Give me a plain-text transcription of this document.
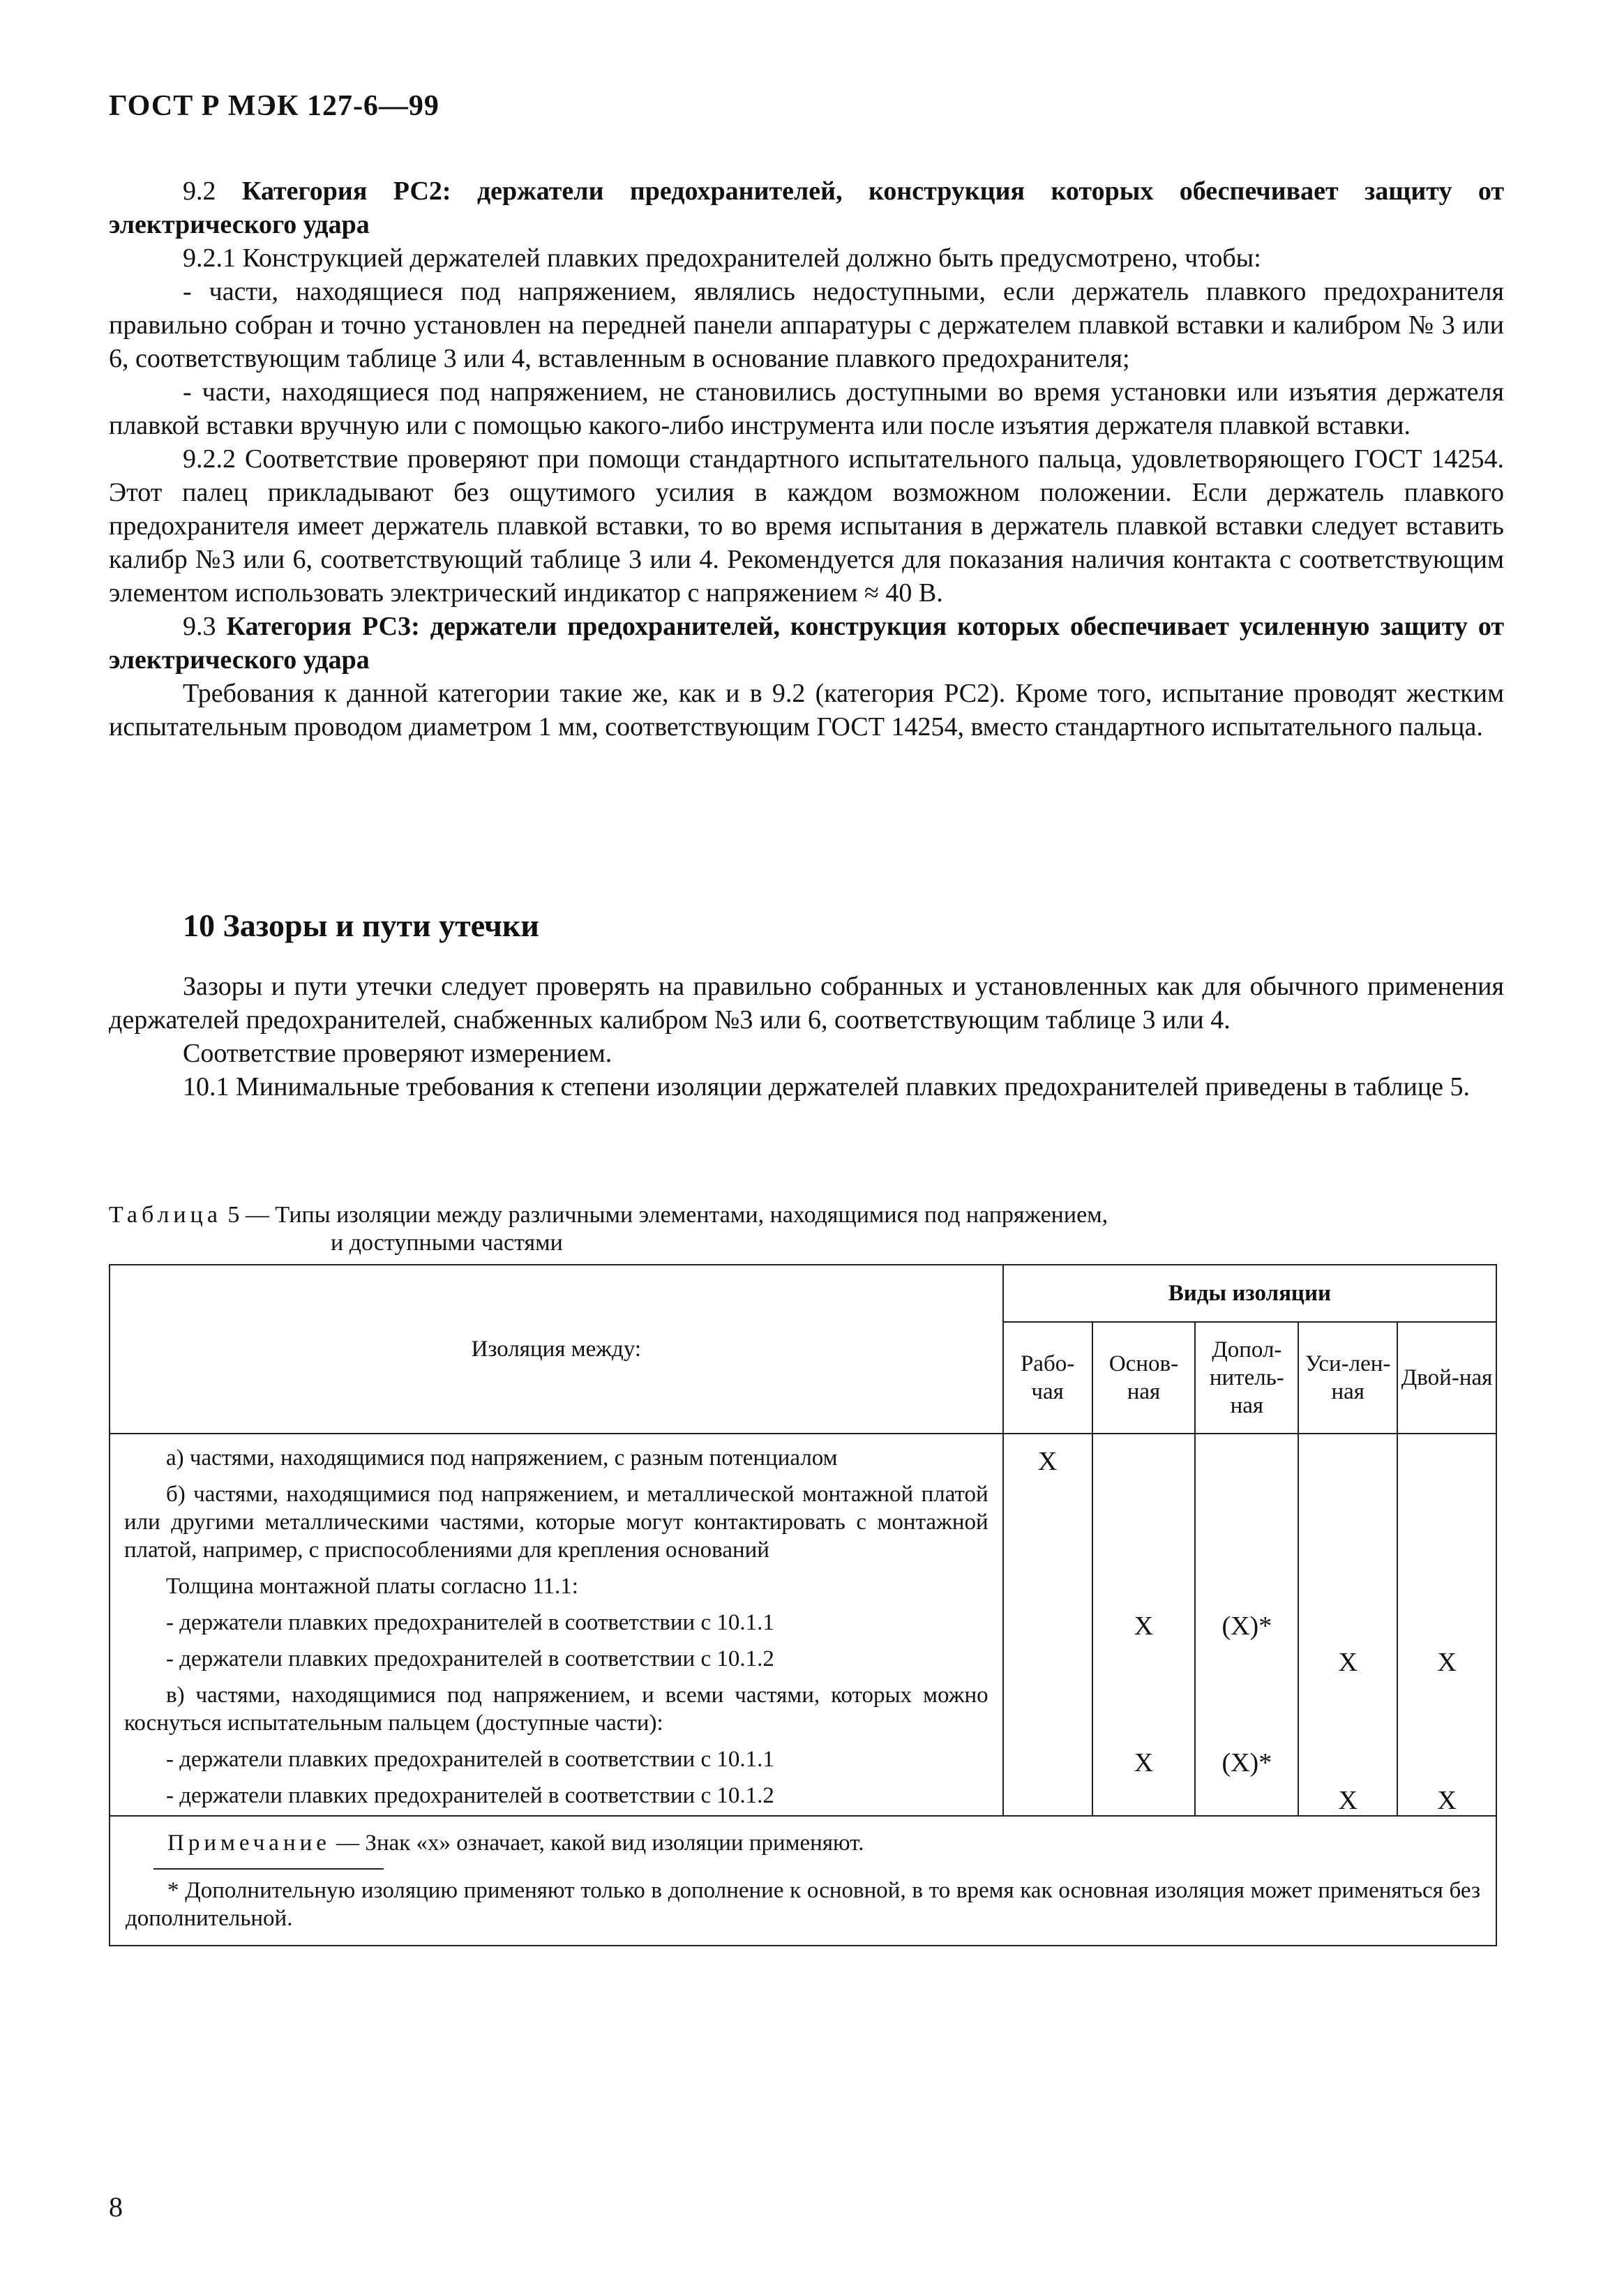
ГОСТ Р МЭК 127-6—99

9.2 Категория РС2: держатели предохранителей, конструкция которых обеспечивает защиту от электрического удара

9.2.1 Конструкцией держателей плавких предохранителей должно быть предусмотрено, чтобы:

- части, находящиеся под напряжением, являлись недоступными, если держатель плавкого предохранителя правильно собран и точно установлен на передней панели аппаратуры с держателем плавкой вставки и калибром № 3 или 6, соответствующим таблице 3 или 4, вставленным в основание плавкого предохранителя;

- части, находящиеся под напряжением, не становились доступными во время установки или изъятия держателя плавкой вставки вручную или с помощью какого-либо инструмента или после изъятия держателя плавкой вставки.

9.2.2 Соответствие проверяют при помощи стандартного испытательного пальца, удовлетворяющего ГОСТ 14254. Этот палец прикладывают без ощутимого усилия в каждом возможном положении. Если держатель плавкого предохранителя имеет держатель плавкой вставки, то во время испытания в держатель плавкой вставки следует вставить калибр №3 или 6, соответствующий таблице 3 или 4. Рекомендуется для показания наличия контакта с соответствующим элементом использовать электрический индикатор с напряжением ≈ 40 В.

9.3 Категория РС3: держатели предохранителей, конструкция которых обеспечивает усиленную защиту от электрического удара

Требования к данной категории такие же, как и в 9.2 (категория РС2). Кроме того, испытание проводят жестким испытательным проводом диаметром 1 мм, соответствующим ГОСТ 14254, вместо стандартного испытательного пальца.

10 Зазоры и пути утечки

Зазоры и пути утечки следует проверять на правильно собранных и установленных как для обычного применения держателей предохранителей, снабженных калибром №3 или 6, соответствующим таблице 3 или 4.

Соответствие проверяют измерением.

10.1 Минимальные требования к степени изоляции держателей плавких предохранителей приведены в таблице 5.

Таблица 5 — Типы изоляции между различными элементами, находящимися под напряжением,
и доступными частями
Изоляция между:	Виды изоляции				
	Рабо-чая	Основ-ная	Допол-нитель-ная	Уси-лен-ная	Двой-ная
а) частями, находящимися под напряжением, с разным потенциалом	X				
б) частями, находящимися под напряжением, и металлической монтажной платой или другими металлическими частями, которые могут контактировать с монтажной платой, например, с приспособлениями для крепления оснований					
Толщина монтажной платы согласно 11.1:					
- держатели плавких предохранителей в соответствии с 10.1.1		X	(X)*		
- держатели плавких предохранителей в соответствии с 10.1.2				X	X
в) частями, находящимися под напряжением, и всеми частями, которых можно коснуться испытательным пальцем (доступные части):					
- держатели плавких предохранителей в соответствии с 10.1.1		X	(X)*		
- держатели плавких предохранителей в соответствии с 10.1.2				X	X

Примечание — Знак «х» означает, какой вид изоляции применяют.
* Дополнительную изоляцию применяют только в дополнение к основной, в то время как основная изоляция может применяться без дополнительной.					
8
